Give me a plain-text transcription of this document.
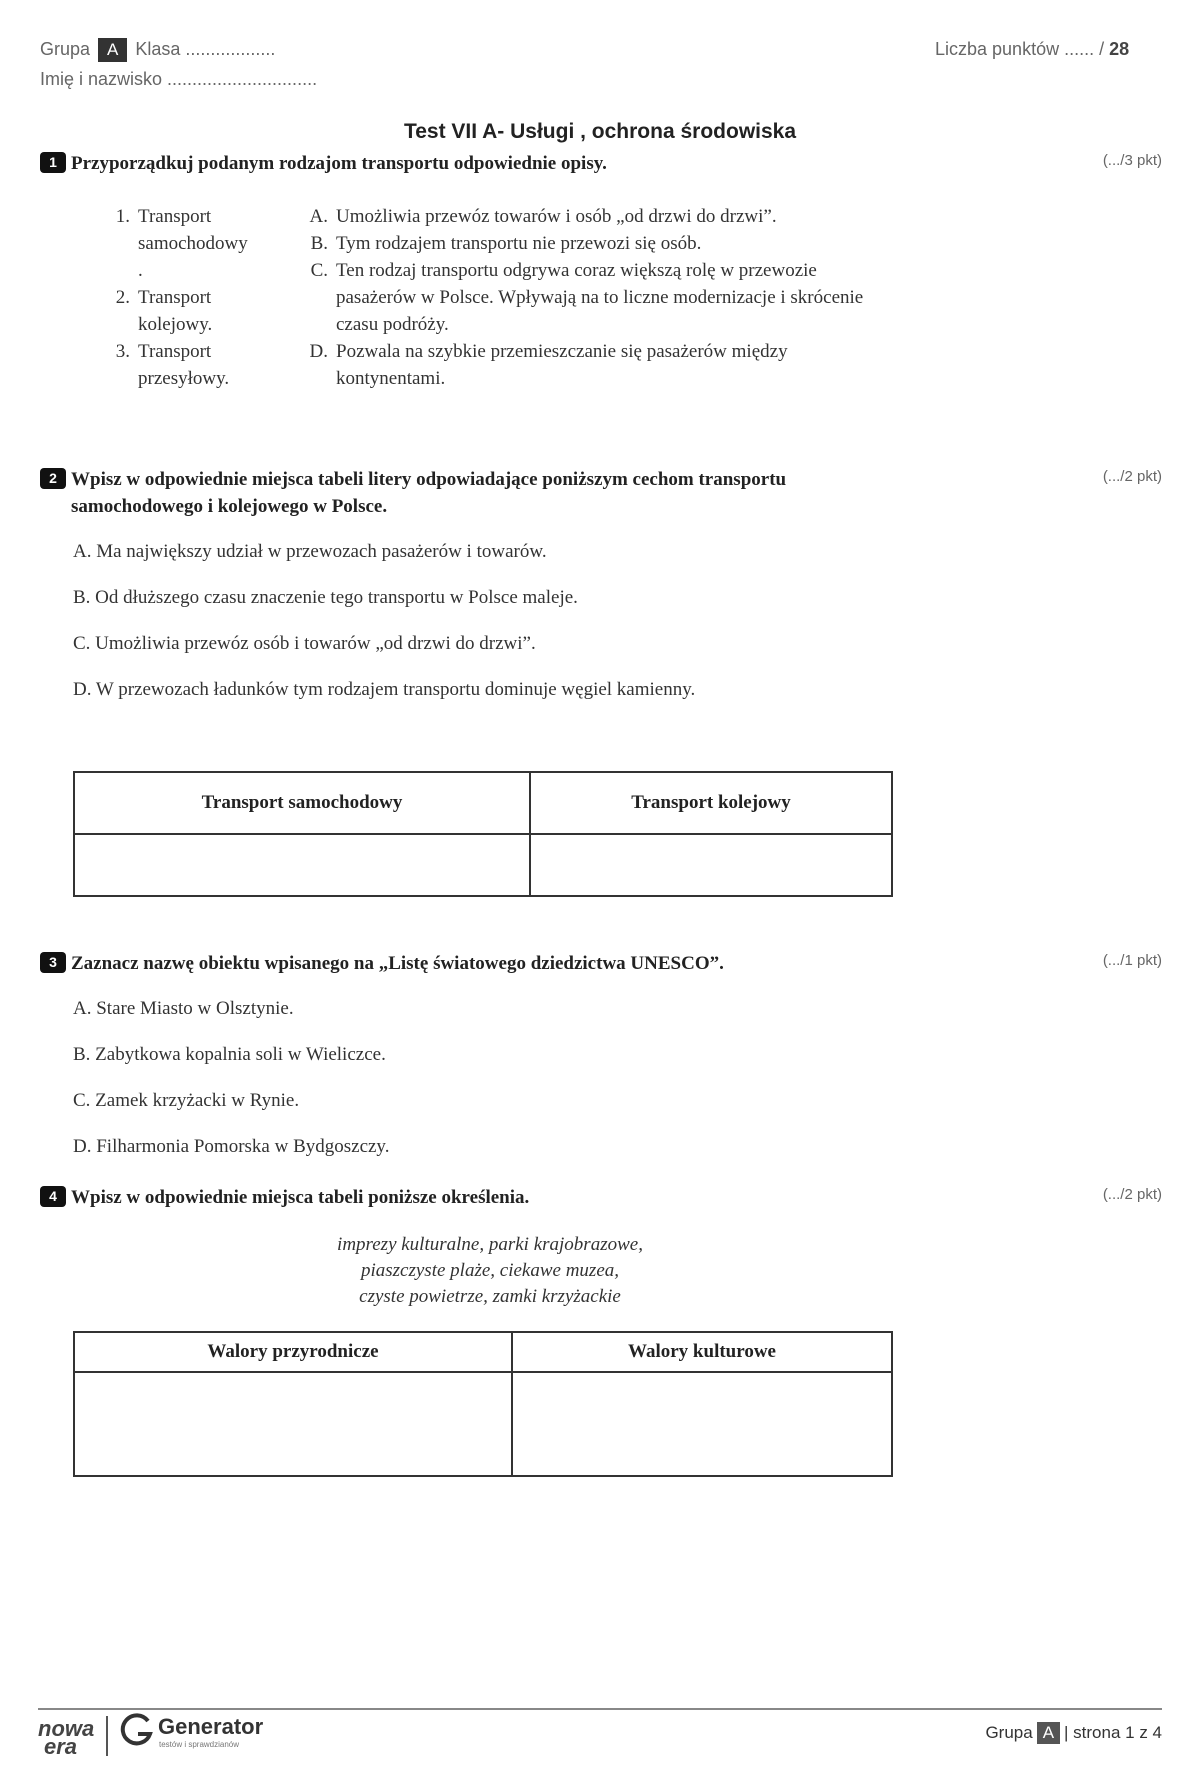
Grupa A Klasa ..................
Imię i nazwisko ..............................
Liczba punktów ...... / 28
Test VII A- Usługi , ochrona środowiska
1 Przyporządkuj podanym rodzajom transportu odpowiednie opisy.	(.../3 pkt)
1. Transport
samochodowy
.
2. Transport
kolejowy.
3. Transport
przesyłowy.
A. Umożliwia przewóz towarów i osób „od drzwi do drzwi”.
B. Tym rodzajem transportu nie przewozi się osób.
C. Ten rodzaj transportu odgrywa coraz większą rolę w przewozie pasażerów w Polsce. Wpływają na to liczne modernizacje i skrócenie czasu podróży.
D. Pozwala na szybkie przemieszczanie się pasażerów między kontynentami.
2 Wpisz w odpowiednie miejsca tabeli litery odpowiadające poniższym cechom transportu samochodowego i kolejowego w Polsce.
(.../2 pkt)
A. Ma największy udział w przewozach pasażerów i towarów.
B. Od dłuższego czasu znaczenie tego transportu w Polsce maleje.
C. Umożliwia przewóz osób i towarów „od drzwi do drzwi”.
D. W przewozach ładunków tym rodzajem transportu dominuje węgiel kamienny.
Transport samochodowy	Transport kolejowy

3 Zaznacz nazwę obiektu wpisanego na „Listę światowego dziedzictwa UNESCO”.	(.../1 pkt)
A. Stare Miasto w Olsztynie.
B. Zabytkowa kopalnia soli w Wieliczce.
C. Zamek krzyżacki w Rynie.
D. Filharmonia Pomorska w Bydgoszczy.
4 Wpisz w odpowiednie miejsca tabeli poniższe określenia.	(.../2 pkt)
imprezy kulturalne, parki krajobrazowe,
piaszczyste plaże, ciekawe muzea,
czyste powietrze, zamki krzyżackie
Walory przyrodnicze	Walory kulturowe

nowa
era
Generator
testów i sprawdzianów
Grupa A | strona 1 z 4
